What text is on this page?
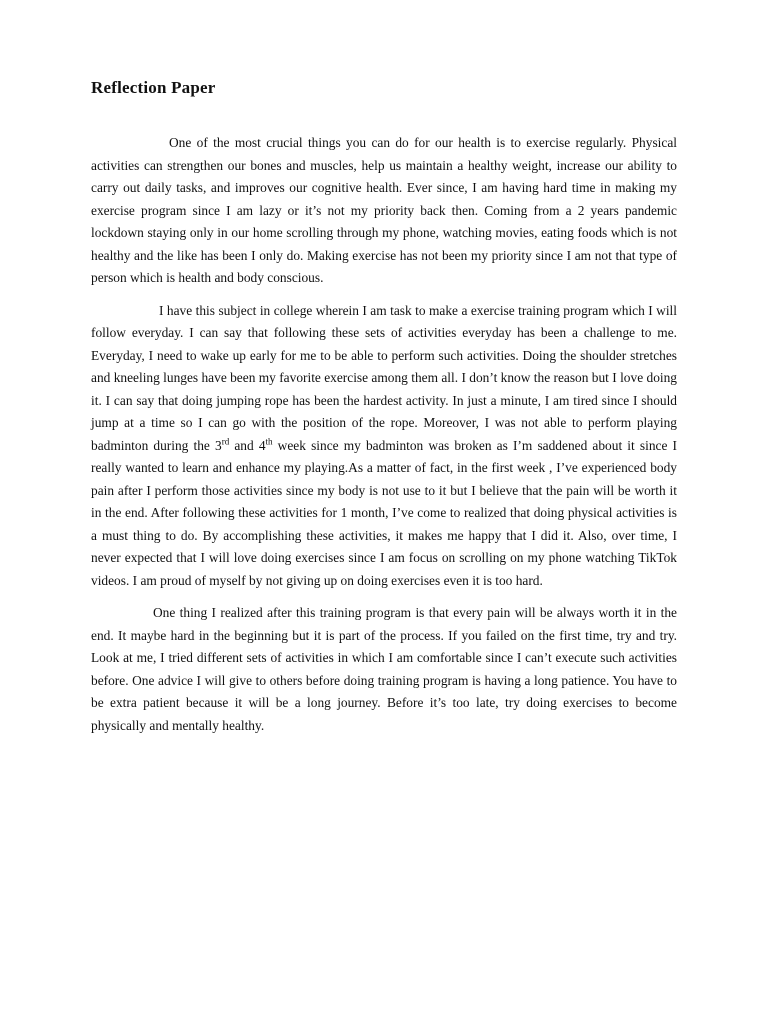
Reflection Paper

One of the most crucial things you can do for our health is to exercise regularly. Physical activities can strengthen our bones and muscles, help us maintain a healthy weight, increase our ability to carry out daily tasks, and improves our cognitive health. Ever since, I am having hard time in making my exercise program since I am lazy or it’s not my priority back then. Coming from a 2 years pandemic lockdown staying only in our home scrolling through my phone, watching movies, eating foods which is not healthy and the like has been I only do. Making exercise has not been my priority since I am not that type of person which is health and body conscious.

I have this subject in college wherein I am task to make a exercise training program which I will follow everyday. I can say that following these sets of activities everyday has been a challenge to me. Everyday, I need to wake up early for me to be able to perform such activities. Doing the shoulder stretches and kneeling lunges have been my favorite exercise among them all. I don’t know the reason but I love doing it. I can say that doing jumping rope has been the hardest activity. In just a minute, I am tired since I should jump at a time so I can go with the position of the rope. Moreover, I was not able to perform playing badminton during the 3rd and 4th week since my badminton was broken as I’m saddened about it since I really wanted to learn and enhance my playing.As a matter of fact, in the first week , I’ve experienced body pain after I perform those activities since my body is not use to it but I believe that the pain will be worth it in the end. After following these activities for 1 month, I’ve come to realized that doing physical activities is a must thing to do. By accomplishing these activities, it makes me happy that I did it. Also, over time, I never expected that I will love doing exercises since I am focus on scrolling on my phone watching TikTok videos. I am proud of myself by not giving up on doing exercises even it is too hard.

One thing I realized after this training program is that every pain will be always worth it in the end. It maybe hard in the beginning but it is part of the process. If you failed on the first time, try and try. Look at me, I tried different sets of activities in which I am comfortable since I can’t execute such activities before. One advice I will give to others before doing training program is having a long patience. You have to be extra patient because it will be a long journey. Before it’s too late, try doing exercises to become physically and mentally healthy.
